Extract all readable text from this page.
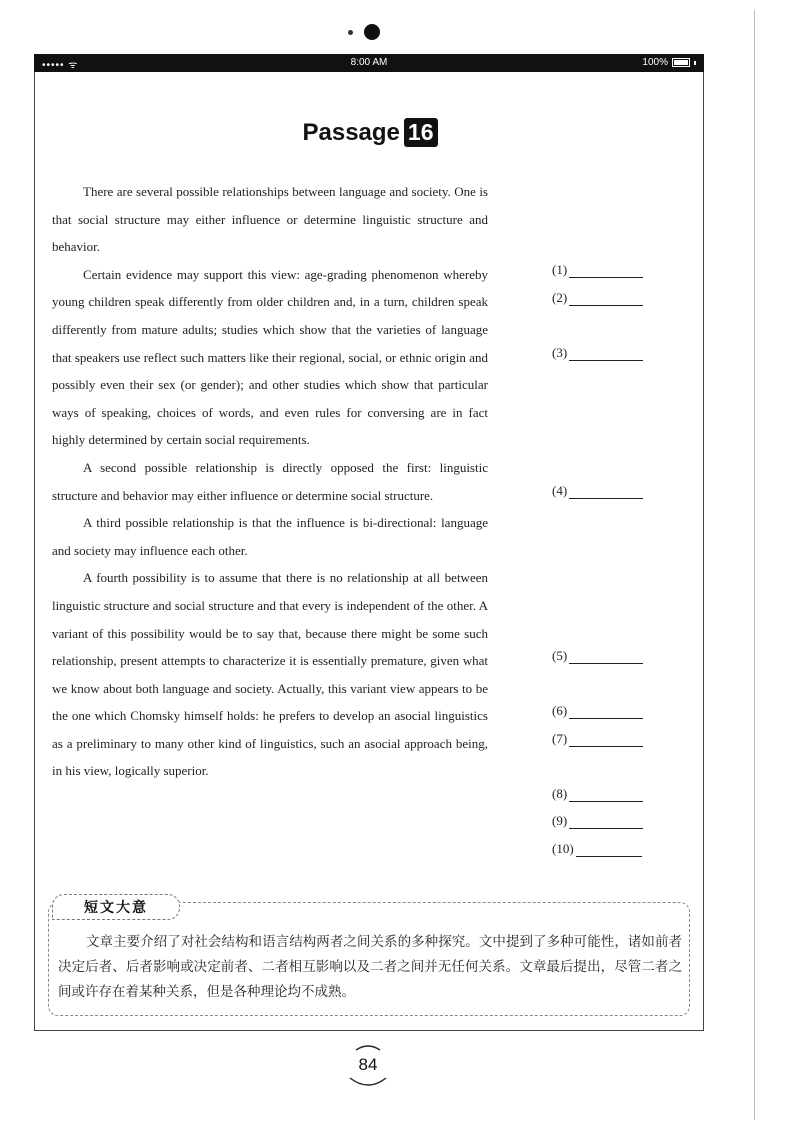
••••• ᯤ	8:00 AM	100%
Passage 16

There are several possible relationships between language and society. One is that social structure may either influence or determine linguistic structure and behavior.

Certain evidence may support this view: age-grading phenomenon whereby young children speak differently from older children and, in a turn, children speak differently from mature adults; studies which show that the varieties of language that speakers use reflect such matters like their regional, social, or ethnic origin and possibly even their sex (or gender); and other studies which show that particular ways of speaking, choices of words, and even rules for conversing are in fact highly determined by certain social requirements.

A second possible relationship is directly opposed the first: linguistic structure and behavior may either influence or determine social structure.

A third possible relationship is that the influence is bi-directional: language and society may influence each other.

A fourth possibility is to assume that there is no relationship at all between linguistic structure and social structure and that every is independent of the other. A variant of this possibility would be to say that, because there might be some such relationship, present attempts to characterize it is essentially premature, given what we know about both language and society. Actually, this variant view appears to be the one which Chomsky himself holds: he prefers to develop an asocial linguistics as a preliminary to many other kind of linguistics, such an asocial approach being, in his view, logically superior.

(1)
(2)
(3)
(4)
(5)
(6)
(7)
(8)
(9)
(10)
短文大意
文章主要介绍了对社会结构和语言结构两者之间关系的多种探究。文中提到了多种可能性，诸如前者决定后者、后者影响或决定前者、二者相互影响以及二者之间并无任何关系。文章最后提出，尽管二者之间或许存在着某种关系，但是各种理论均不成熟。
84
